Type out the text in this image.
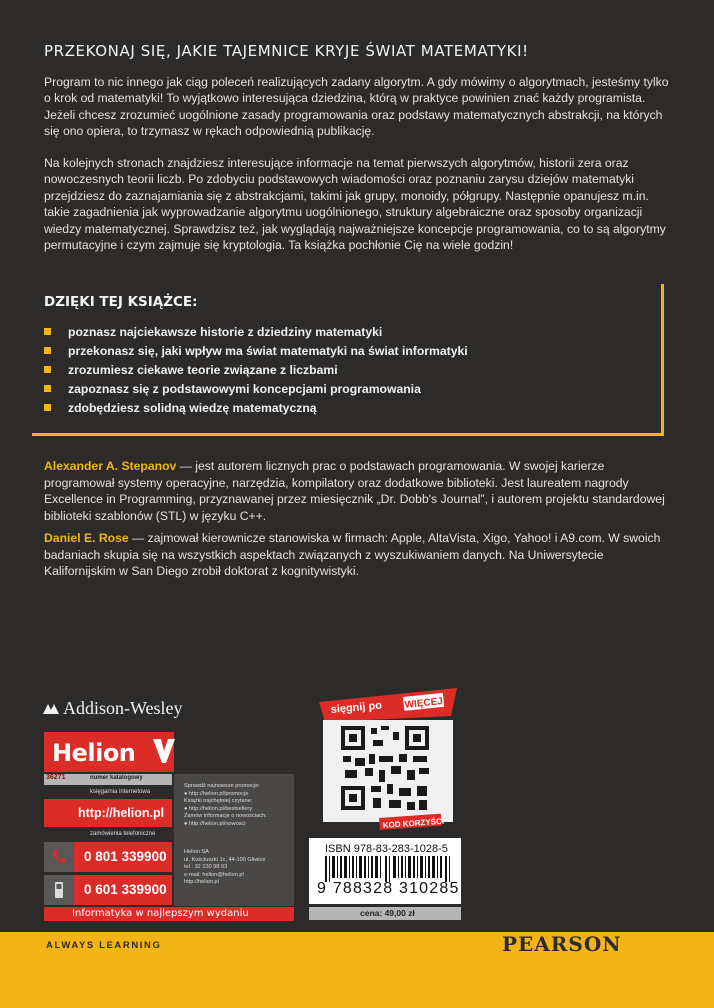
PRZEKONAJ SIĘ, JAKIE TAJEMNICE KRYJE ŚWIAT MATEMATYKI!
Program to nic innego jak ciąg poleceń realizujących zadany algorytm. A gdy mówimy o algorytmach, jesteśmy tylko o krok od matematyki! To wyjątkowo interesująca dziedzina, którą w praktyce powinien znać każdy programista. Jeżeli chcesz zrozumieć uogólnione zasady programowania oraz podstawy matematycznych abstrakcji, na których się ono opiera, to trzymasz w rękach odpowiednią publikację.
Na kolejnych stronach znajdziesz interesujące informacje na temat pierwszych algorytmów, historii zera oraz nowoczesnych teorii liczb. Po zdobyciu podstawowych wiadomości oraz poznaniu zarysu dziejów matematyki przejdziesz do zaznajamiania się z abstrakcjami, takimi jak grupy, monoidy, półgrupy. Następnie opanujesz m.in. takie zagadnienia jak wyprowadzanie algorytmu uogólnionego, struktury algebraiczne oraz sposoby organizacji wiedzy matematycznej. Sprawdzisz też, jak wyglądają najważniejsze koncepcje programowania, co to są algorytmy permutacyjne i czym zajmuje się kryptologia. Ta książka pochłonie Cię na wiele godzin!
DZIĘKI TEJ KSIĄŻCE:
poznasz najciekawsze historie z dziedziny matematyki
przekonasz się, jaki wpływ ma świat matematyki na świat informatyki
zrozumiesz ciekawe teorie związane z liczbami
zapoznasz się z podstawowymi koncepcjami programowania
zdobędziesz solidną wiedzę matematyczną
Alexander A. Stepanov — jest autorem licznych prac o podstawach programowania. W swojej karierze programował systemy operacyjne, narzędzia, kompilatory oraz dodatkowe biblioteki. Jest laureatem nagrody Excellence in Programming, przyznawanej przez miesięcznik „Dr. Dobb's Journal”, i autorem projektu standardowej biblioteki szablonów (STL) w języku C++.
Daniel E. Rose — zajmował kierownicze stanowiska w firmach: Apple, AltaVista, Xigo, Yahoo! i A9.com. W swoich badaniach skupia się na wszystkich aspektach związanych z wyszukiwaniem danych. Na Uniwersytecie Kalifornijskim w San Diego zrobił doktorat z kognitywistyki.
Addison-Wesley
Helion
36271	numer katalogowy
księgarnia internetowa
http://helion.pl
zamówienia telefoniczne
0 801 339900
0 601 339900
Informatyka w najlepszym wydaniu
Sprawdź najnowsze promocje:
● http://helion.pl/promocje
Książki najchętniej czytane:
● http://helion.pl/bestsellery
Zamów informacje o nowościach:
● http://helion.pl/nowosci
Helion SA
ul. Kościuszki 1c, 44-100 Gliwice
tel.: 32 230 98 63
e-mail: helion@helion.pl
http://helion.pl
sięgnij po WIĘCEJ
KOD KORZYŚCI
ISBN 978-83-283-1028-5
9 788328 310285
cena: 49,00 zł
ALWAYS LEARNING	PEARSON
